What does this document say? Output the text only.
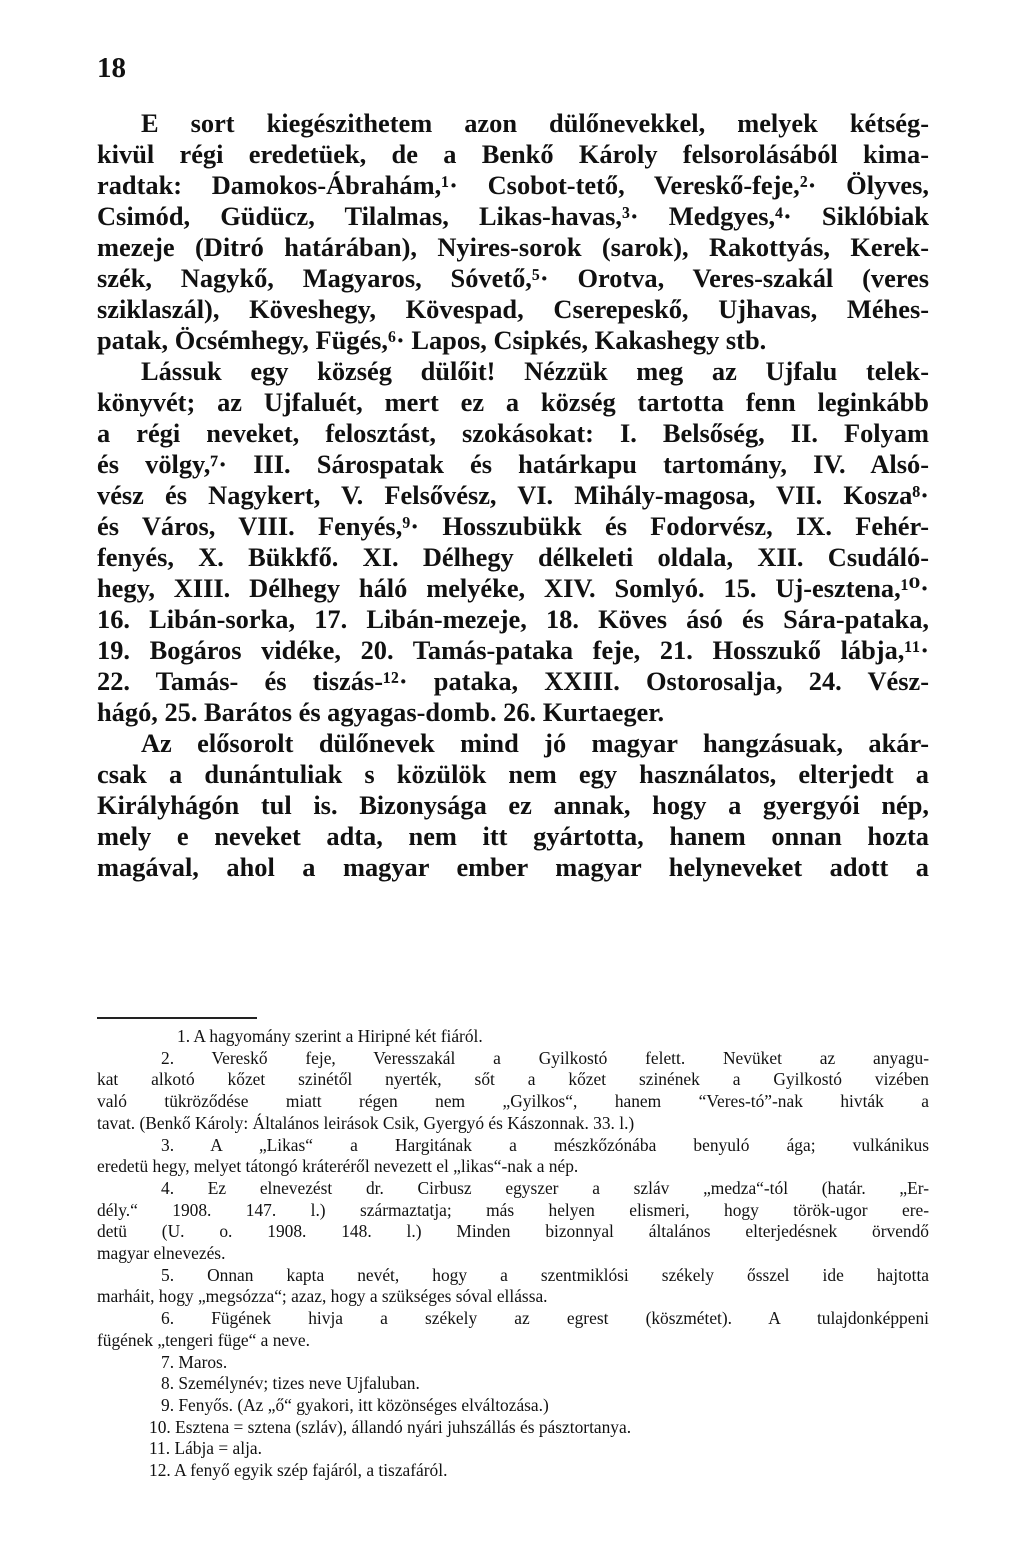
18
E sort kiegészithetem azon dülőnevekkel, melyek kétség-
kivül régi eredetüek, de a Benkő Károly felsorolásából kima-
radtak: Damokos-Ábrahám,¹· Csobot-tető, Vereskő-feje,²· Ölyves,
Csimód, Güdücz, Tilalmas, Likas-havas,³· Medgyes,⁴· Siklóbiak
mezeje (Ditró határában), Nyires-sorok (sarok), Rakottyás, Kerek-
szék, Nagykő, Magyaros, Sóvető,⁵· Orotva, Veres-szakál (veres
sziklaszál), Köveshegy, Kövespad, Cserepeskő, Ujhavas, Méhes-
patak, Öcsémhegy, Fügés,⁶· Lapos, Csipkés, Kakashegy stb.
Lássuk egy község dülőit! Nézzük meg az Ujfalu telek-
könyvét; az Ujfaluét, mert ez a község tartotta fenn leginkább
a régi neveket, felosztást, szokásokat: I. Belsőség, II. Folyam
és völgy,⁷· III. Sárospatak és határkapu tartomány, IV. Alsó-
vész és Nagykert, V. Felsővész, VI. Mihály-magosa, VII. Kosza⁸·
és Város, VIII. Fenyés,⁹· Hosszubükk és Fodorvész, IX. Fehér-
fenyés, X. Bükkfő. XI. Délhegy délkeleti oldala, XII. Csudáló-
hegy, XIII. Délhegy háló melyéke, XIV. Somlyó. 15. Uj-esztena,¹⁰·
16. Libán-sorka, 17. Libán-mezeje, 18. Köves ásó és Sára-pataka,
19. Bogáros vidéke, 20. Tamás-pataka feje, 21. Hosszukő lábja,¹¹·
22. Tamás- és tiszás-¹²· pataka, XXIII. Ostorosalja, 24. Vész-
hágó, 25. Barátos és agyagas-domb. 26. Kurtaeger.
Az elősorolt dülőnevek mind jó magyar hangzásuak, akár-
csak a dunántuliak s közülök nem egy használatos, elterjedt a
Királyhágón tul is. Bizonysága ez annak, hogy a gyergyói nép,
mely e neveket adta, nem itt gyártotta, hanem onnan hozta
magával, ahol a magyar ember magyar helyneveket adott a
1. A hagyomány szerint a Hiripné két fiáról.
2. Vereskő feje, Veresszakál a Gyilkostó felett. Nevüket az anyagu-
kat alkotó kőzet szinétől nyerték, sőt a kőzet szinének a Gyilkostó vizében
való tükröződése miatt régen nem „Gyilkos“, hanem “Veres-tó”-nak hivták a
tavat. (Benkő Károly: Általános leirások Csik, Gyergyó és Kászonnak. 33. l.)
3. A „Likas“ a Hargitának a mészkőzónába benyuló ága; vulkánikus
eredetü hegy, melyet tátongó kráteréről nevezett el „likas“-nak a nép.
4. Ez elnevezést dr. Cirbusz egyszer a szláv „medza“-tól (határ. „Er-
dély.“ 1908. 147. l.) származtatja; más helyen elismeri, hogy török-ugor ere-
detü (U. o. 1908. 148. l.) Minden bizonnyal általános elterjedésnek örvendő
magyar elnevezés.
5. Onnan kapta nevét, hogy a szentmiklósi székely ősszel ide hajtotta
marháit, hogy „megsózza“; azaz, hogy a szükséges sóval ellássa.
6. Fügének hivja a székely az egrest (köszmétet). A tulajdonképpeni
fügének „tengeri füge“ a neve.
7. Maros.
8. Személynév; tizes neve Ujfaluban.
9. Fenyős. (Az „ő“ gyakori, itt közönséges elváltozása.)
10. Esztena = sztena (szláv), állandó nyári juhszállás és pásztortanya.
11. Lábja = alja.
12. A fenyő egyik szép fajáról, a tiszafáról.
